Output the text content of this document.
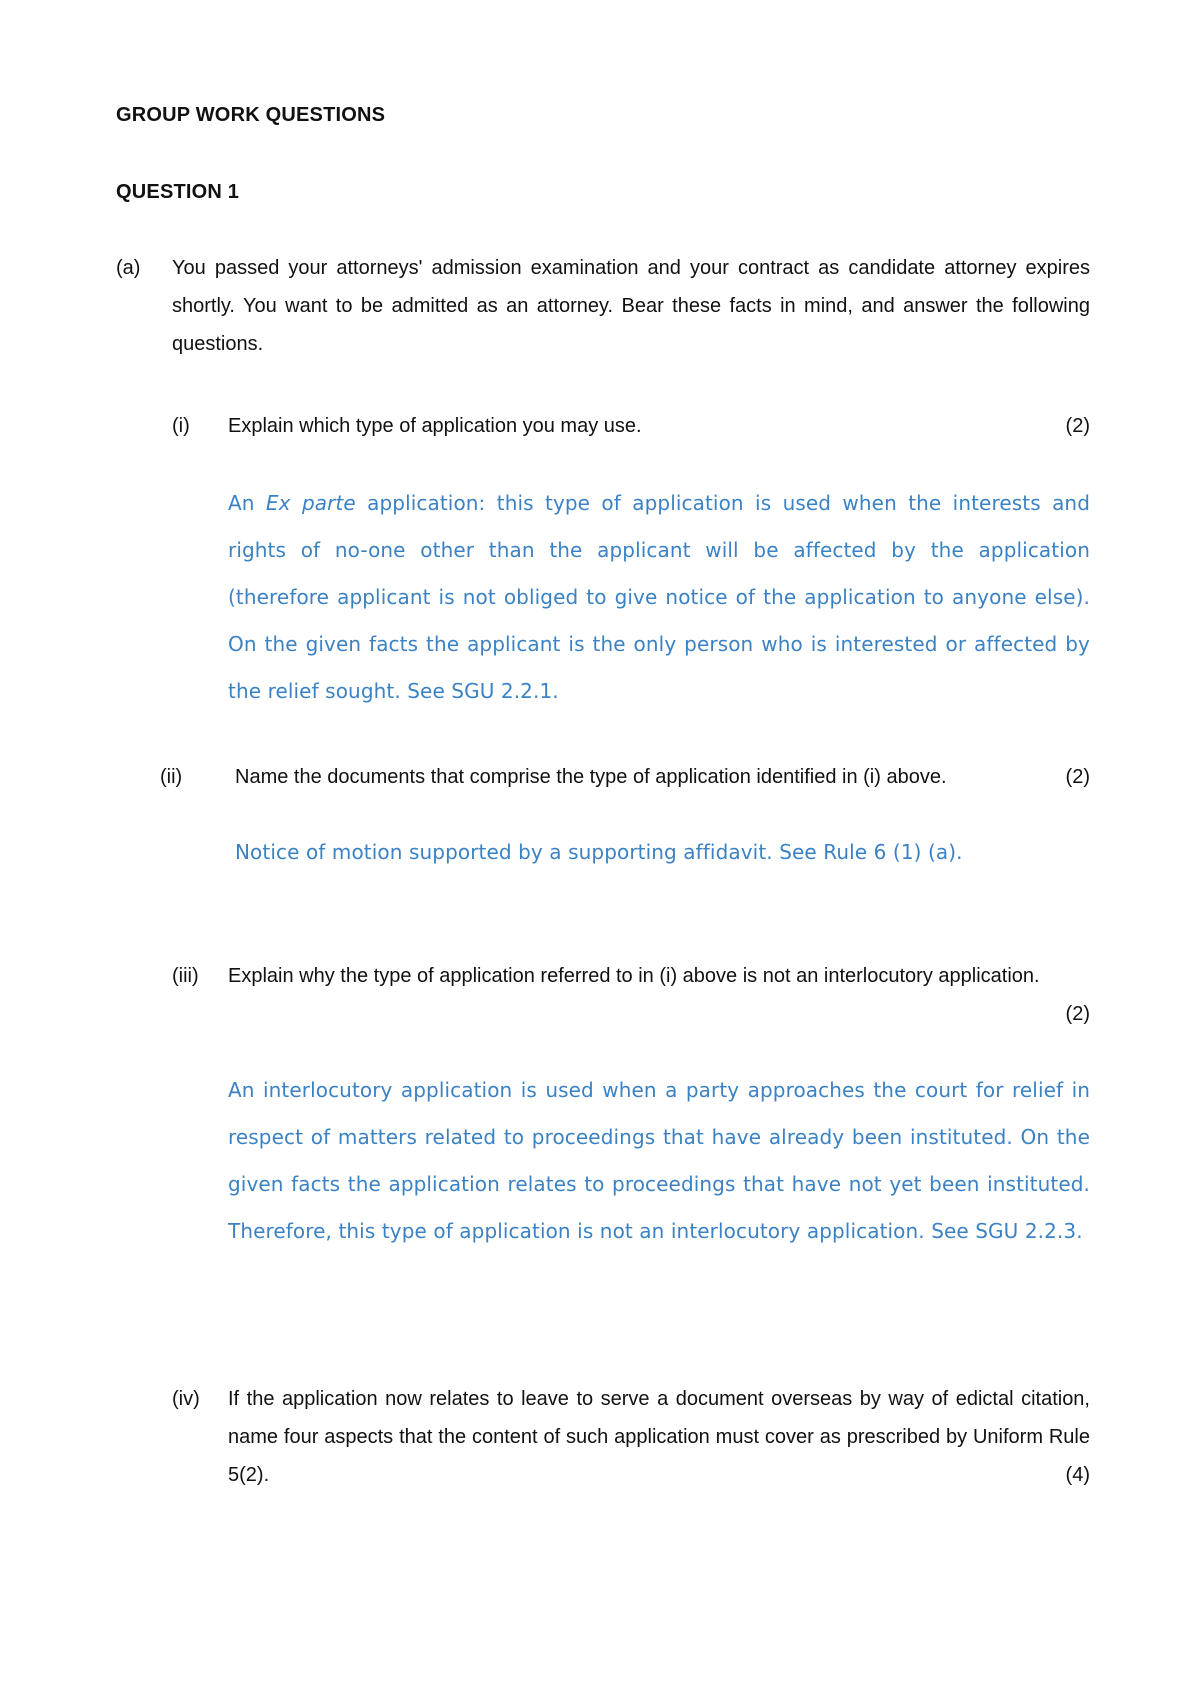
GROUP WORK QUESTIONS
QUESTION 1

(a) You passed your attorneys' admission examination and your contract as candidate attorney expires shortly. You want to be admitted as an attorney. Bear these facts in mind, and answer the following questions.

(i) Explain which type of application you may use.	(2)

An Ex parte application: this type of application is used when the interests and rights of no-one other than the applicant will be affected by the application (therefore applicant is not obliged to give notice of the application to anyone else). On the given facts the applicant is the only person who is interested or affected by the relief sought. See SGU 2.2.1.

(ii)	Name the documents that comprise the type of application identified in (i) above.	(2)

Notice of motion supported by a supporting affidavit. See Rule 6 (1) (a).

(iii) Explain why the type of application referred to in (i) above is not an interlocutory application.

(2)

An interlocutory application is used when a party approaches the court for relief in respect of matters related to proceedings that have already been instituted. On the given facts the application relates to proceedings that have not yet been instituted. Therefore, this type of application is not an interlocutory application. See SGU 2.2.3.

(iv) If the application now relates to leave to serve a document overseas by way of edictal citation, name four aspects that the content of such application must cover as prescribed by Uniform Rule 5(2).	(4)
